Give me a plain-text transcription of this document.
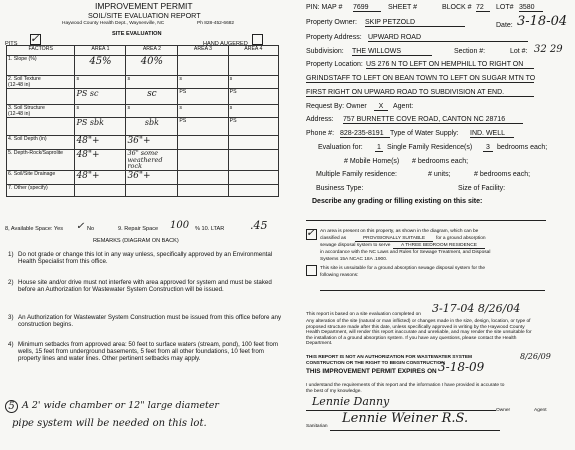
IMPROVEMENT PERMIT
SOIL/SITE EVALUATION REPORT
Haywood County Health Dept., Waynesville, NC	Ph 828-452-6682
SITE EVALUATION
PITS ✓	HAND AUGERED
FACTORS	AREA 1	AREA 2	AREA 3	AREA 4
1. Slope (%)	45%	40%		
2. Soil Texture
(12-48 in)	s	s	s	s
	PS sc	sc	PS	PS
3. Soil Structure
(12-48 in)	s	s	s	s
	PS sbk	sbk	PS	PS
4. Soil Depth (in)	48"+	36"+		
5. Depth-Rock/Saprolite	48"+	36" some weathered rock		
6. Soil/Site Drainage	48"+	36"+		
7. Other (specify)				
8, Available Space: Yes ✓ No	9. Repair Space 100 % 10. LTAR .45
REMARKS (DIAGRAM ON BACK)
1) Do not grade or change this lot in any way unless, specifically approved by an Environmental Health Specialist from this office.
2) House site and/or drive must not interfere with area approved for system and must be staked before an Authorization for Wastewater System Construction will be issued.
3) An Authorization for Wastewater System Construction must be issued from this office before any construction begins.
4) Minimum setbacks from approved area: 50 feet to surface waters (stream, pond), 100 feet from wells, 15 feet from underground basements, 5 feet from all other foundations, 10 feet from property lines and water lines. Other pertinent setbacks may apply.
5 A 2' wide chamber or 12" large diameter
pipe system will be needed on this lot.
PIN: MAP # 7699	SHEET #	BLOCK # 72	LOT# 3580
Property Owner: SKIP PETZOLD	Date: 3-18-04
Property Address: UPWARD ROAD
Subdivision: THE WILLOWS	Section #:	Lot #: 32 29
Property Location: US 276 N TO LEFT ON HEMPHILL TO RIGHT ON
GRINDSTAFF TO LEFT ON BEAN TOWN TO LEFT ON SUGAR MTN TO
FIRST RIGHT ON UPWARD ROAD TO SUBDIVISION AT END.
Request By: Owner	X	Agent:
Address: 757 BURNETTE COVE ROAD, CANTON NC 28716
Phone #: 828-235-8191 Type of Water Supply: IND. WELL
Evaluation for: 1 Single Family Residence(s)	3	bedrooms each;
# Mobile Home(s) # bedrooms each;
Multiple Family residence:	# units;	# bedrooms each;
Business Type:	Size of Facility:
Describe any grading or filling existing on this site:
✓ An area is present on this property, as shown in the diagram, which can be
classified as	PROVISIONALLY SUITABLE	for a ground absorption
sewage disposal system to serve	A THREE BEDROOM RESIDENCE
in accordance with the NC Laws and Rules for Sewage Treatment, and Disposal
Systems 15A NCAC 18A .1900.
This site is unsuitable for a ground absorption sewage disposal system for the
following reasons:
This report is based on a site evaluation completed on 3-17-04 8/26/04
Any alteration of the site (natural or man inflicted) or changes made in the size, design, location, or type of proposed structure made after this date, unless specifically approved in writing by the Haywood County Health Department, will render this report inaccurate and unreliable, and may render the site unsuitable for the installation of a ground absorption system. If you have any questions, please contact the Health Department.
THIS REPORT IS NOT AN AUTHORIZATION FOR WASTEWATER SYSTEM
CONSTRUCTION OR THE RIGHT TO BEGIN CONSTRUCTION
THIS IMPROVEMENT PERMIT EXPIRES ON 3-18-09
8/26/09
I understand the requirements of this report and the information I have provided is accurate to
the best of my knowledge.
Lennie Danny
Owner	Agent
Sanitarian
Lennie Weiner R.S.
